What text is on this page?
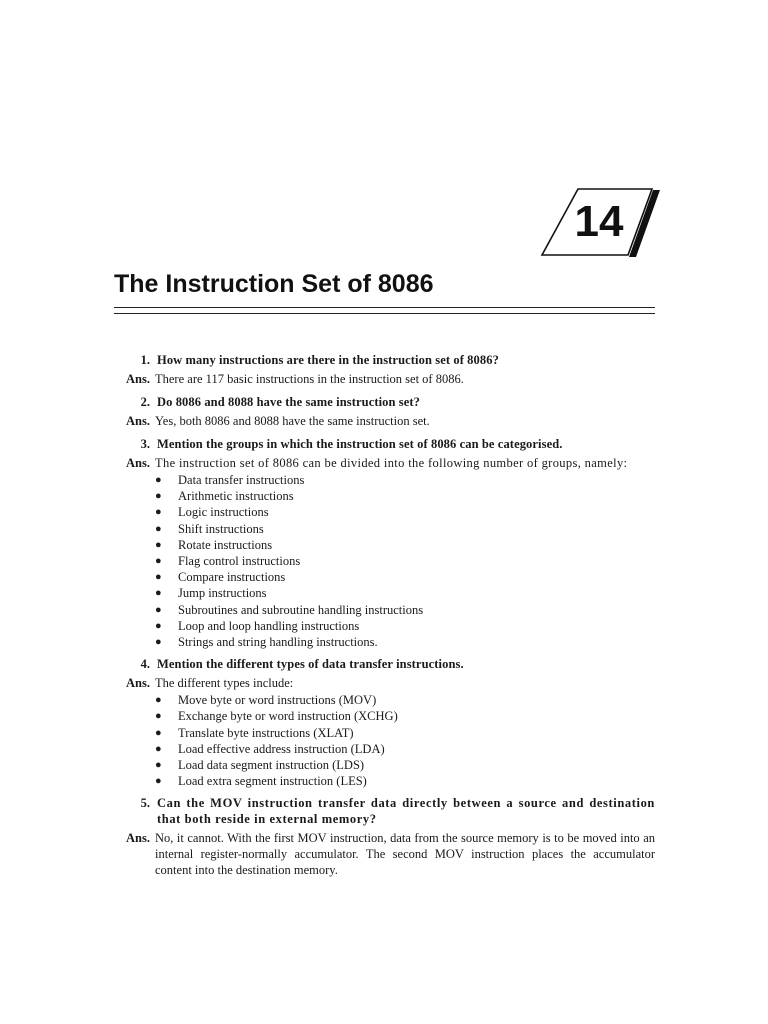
14
The Instruction Set of 8086
1. How many instructions are there in the instruction set of 8086?
Ans. There are 117 basic instructions in the instruction set of 8086.
2. Do 8086 and 8088 have the same instruction set?
Ans. Yes, both 8086 and 8088 have the same instruction set.
3. Mention the groups in which the instruction set of 8086 can be categorised.
Ans. The instruction set of 8086 can be divided into the following number of groups, namely:
●	Data transfer instructions
●	Arithmetic instructions
●	Logic instructions
●	Shift instructions
●	Rotate instructions
●	Flag control instructions
●	Compare instructions
●	Jump instructions
●	Subroutines and subroutine handling instructions
●	Loop and loop handling instructions
●	Strings and string handling instructions.
4. Mention the different types of data transfer instructions.
Ans. The different types include:
●	Move byte or word instructions (MOV)
●	Exchange byte or word instruction (XCHG)
●	Translate byte instructions (XLAT)
●	Load effective address instruction (LDA)
●	Load data segment instruction (LDS)
●	Load extra segment instruction (LES)
5. Can the MOV instruction transfer data directly between a source and destination that both reside in external memory?
Ans. No, it cannot. With the first MOV instruction, data from the source memory is to be moved into an internal register-normally accumulator. The second MOV instruction places the accumulator content into the destination memory.
